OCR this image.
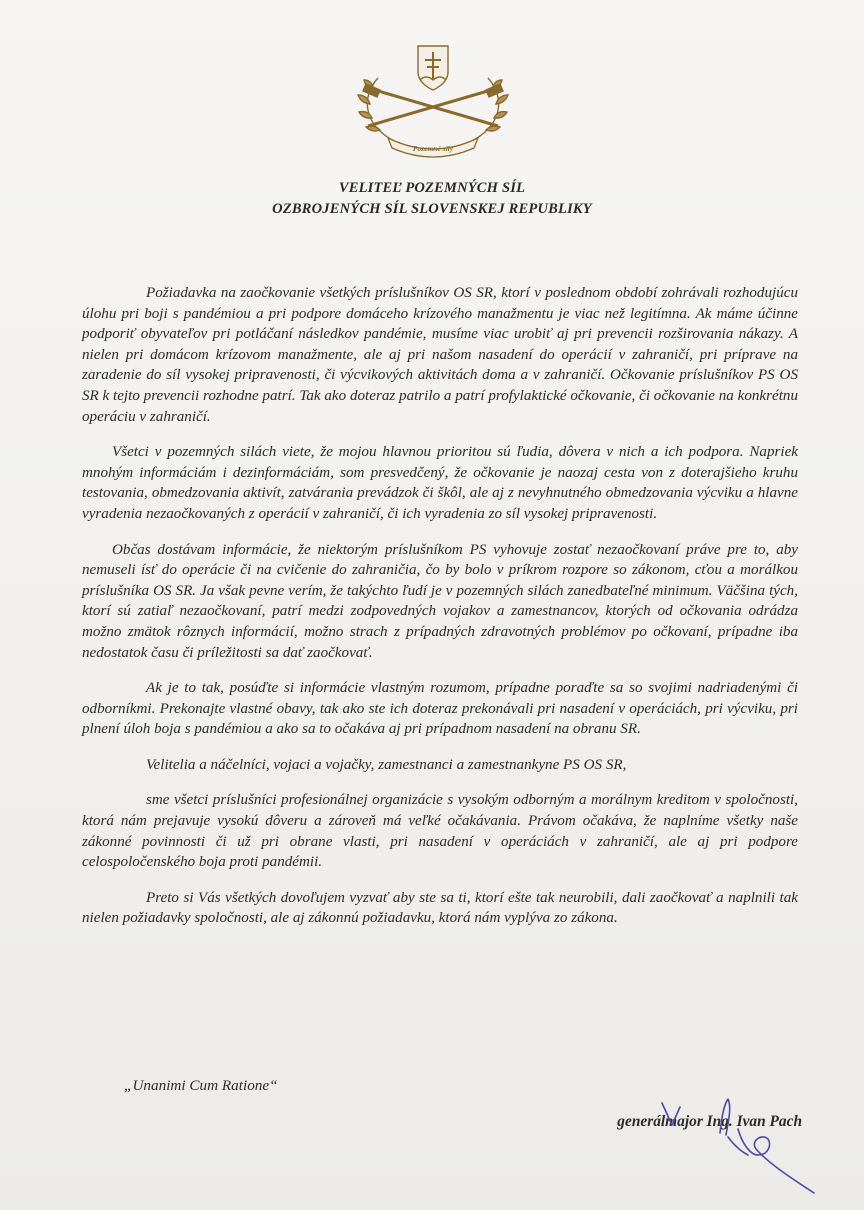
Pozemné sily
VELITEĽ POZEMNÝCH SÍL
OZBROJENÝCH SÍL SLOVENSKEJ REPUBLIKY

Požiadavka na zaočkovanie všetkých príslušníkov OS SR, ktorí v poslednom období zohrávali rozhodujúcu úlohu pri boji s pandémiou a pri podpore domáceho krízového manažmentu je viac než legitímna. Ak máme účinne podporiť obyvateľov pri potláčaní následkov pandémie, musíme viac urobiť aj pri prevencii rozširovania nákazy. A nielen pri domácom krízovom manažmente, ale aj pri našom nasadení do operácií v zahraničí, pri príprave na zaradenie do síl vysokej pripravenosti, či výcvikových aktivitách doma a v zahraničí. Očkovanie príslušníkov PS OS SR k tejto prevencii rozhodne patrí. Tak ako doteraz patrilo a patrí profylaktické očkovanie, či očkovanie na konkrétnu operáciu v zahraničí.

Všetci v pozemných silách viete, že mojou hlavnou prioritou sú ľudia, dôvera v nich a ich podpora. Napriek mnohým informáciám i dezinformáciám, som presvedčený, že očkovanie je naozaj cesta von z doterajšieho kruhu testovania, obmedzovania aktivít, zatvárania prevádzok či škôl, ale aj z nevyhnutného obmedzovania výcviku a hlavne vyradenia nezaočkovaných z operácií v zahraničí, či ich vyradenia zo síl vysokej pripravenosti.

Občas dostávam informácie, že niektorým príslušníkom PS vyhovuje zostať nezaočkovaní práve pre to, aby nemuseli ísť do operácie či na cvičenie do zahraničia, čo by bolo v príkrom rozpore so zákonom, cťou a morálkou príslušníka OS SR. Ja však pevne verím, že takýchto ľudí je v pozemných silách zanedbateľné minimum. Väčšina tých, ktorí sú zatiaľ nezaočkovaní, patrí medzi zodpovedných vojakov a zamestnancov, ktorých od očkovania odrádza možno zmätok rôznych informácií, možno strach z prípadných zdravotných problémov po očkovaní, prípadne iba nedostatok času či príležitosti sa dať zaočkovať.

Ak je to tak, posúďte si informácie vlastným rozumom, prípadne poraďte sa so svojimi nadriadenými či odborníkmi. Prekonajte vlastné obavy, tak ako ste ich doteraz prekonávali pri nasadení v operáciách, pri výcviku, pri plnení úloh boja s pandémiou a ako sa to očakáva aj pri prípadnom nasadení na obranu SR.

Velitelia a náčelníci, vojaci a vojačky, zamestnanci a zamestnankyne PS OS SR,

sme všetci príslušníci profesionálnej organizácie s vysokým odborným a morálnym kreditom v spoločnosti, ktorá nám prejavuje vysokú dôveru a zároveň má veľké očakávania. Právom očakáva, že naplníme všetky naše zákonné povinnosti či už pri obrane vlasti, pri nasadení v operáciách v zahraničí, ale aj pri podpore celospoločenského boja proti pandémii.

Preto si Vás všetkých dovoľujem vyzvať aby ste sa ti, ktorí ešte tak neurobili, dali zaočkovať a naplnili tak nielen požiadavky spoločnosti, ale aj zákonnú požiadavku, ktorá nám vyplýva zo zákona.

„Unanimi Cum Ratione“
generálmajor Ing. Ivan Pach
